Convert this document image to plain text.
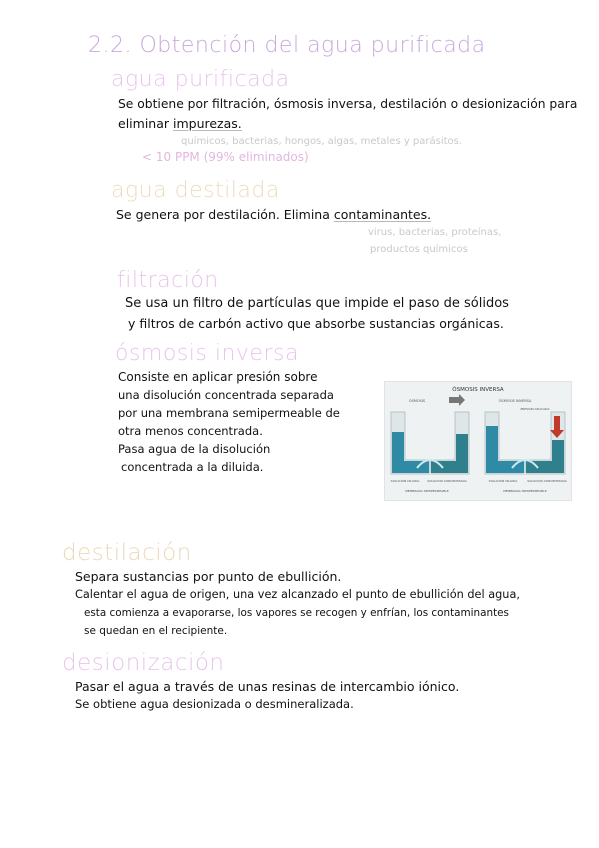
2.2. Obtención del agua purificada
agua purificada
Se obtiene por filtración, ósmosis inversa, destilación o desionización para
eliminar impurezas.
químicos, bacterias, hongos, algas, metales y parásitos.
< 10 PPM (99% eliminados)
agua destilada
Se genera por destilación. Elimina contaminantes.
virus, bacterias, proteínas,
productos químicos
filtración
Se usa un filtro de partículas que impide el paso de sólidos
y filtros de carbón activo que absorbe sustancias orgánicas.
ósmosis inversa
Consiste en aplicar presión sobre
una disolución concentrada separada
por una membrana semipermeable de
otra menos concentrada.
Pasa agua de la disolución
concentrada a la diluida.
ÓSMOSIS INVERSA
ÓSMOSIS	ÓSMOSIS INVERSA
PRESIÓN APLICADA
SOLUCIÓN DILUIDA	SOLUCIÓN CONCENTRADA
MEMBRANA SEMIPERMEABLE
SOLUCIÓN DILUIDA	SOLUCIÓN CONCENTRADA
MEMBRANA SEMIPERMEABLE
destilación
Separa sustancias por punto de ebullición.
Calentar el agua de origen, una vez alcanzado el punto de ebullición del agua,
esta comienza a evaporarse, los vapores se recogen y enfrían, los contaminantes
se quedan en el recipiente.
desionización
Pasar el agua a través de unas resinas de intercambio iónico.
Se obtiene agua desionizada o desmineralizada.
